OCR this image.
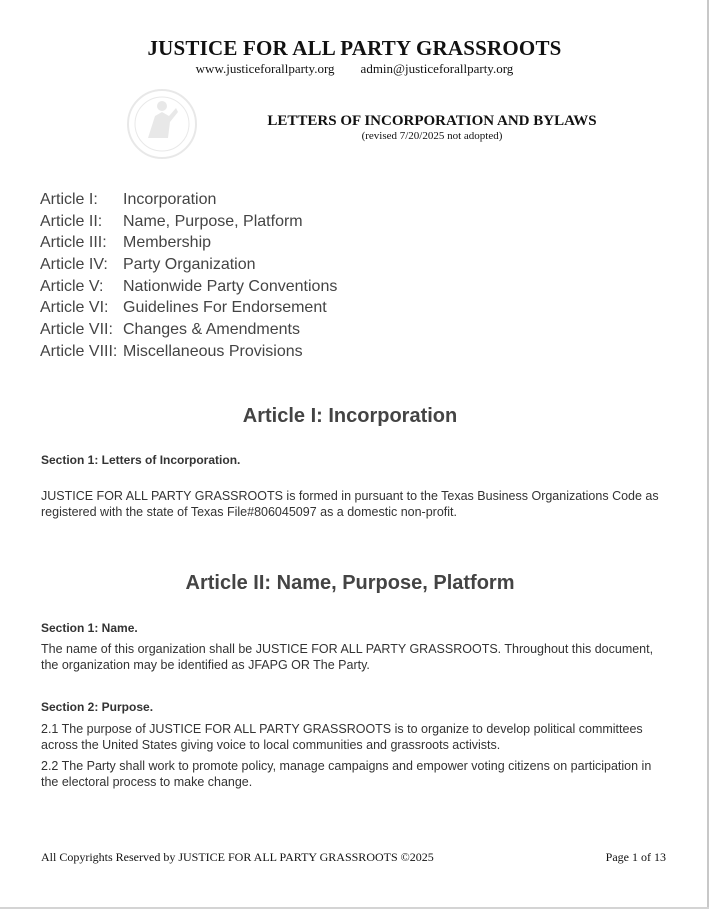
JUSTICE FOR ALL PARTY GRASSROOTS
www.justiceforallparty.org admin@justiceforallparty.org
LETTERS OF INCORPORATION AND BYLAWS
(revised 7/20/2025 not adopted)
Article I: Incorporation
Article II: Name, Purpose, Platform
Article III: Membership
Article IV: Party Organization
Article V: Nationwide Party Conventions
Article VI: Guidelines For Endorsement
Article VII: Changes & Amendments
Article VIII: Miscellaneous Provisions
Article I: Incorporation
Section 1: Letters of Incorporation.
JUSTICE FOR ALL PARTY GRASSROOTS is formed in pursuant to the Texas Business Organizations Code as registered with the state of Texas File#806045097 as a domestic non-profit.
Article II: Name, Purpose, Platform
Section 1: Name.
The name of this organization shall be JUSTICE FOR ALL PARTY GRASSROOTS. Throughout this document, the organization may be identified as JFAPG OR The Party.
Section 2: Purpose.
2.1 The purpose of JUSTICE FOR ALL PARTY GRASSROOTS is to organize to develop political committees across the United States giving voice to local communities and grassroots activists.
2.2 The Party shall work to promote policy, manage campaigns and empower voting citizens on participation in the electoral process to make change.
All Copyrights Reserved by JUSTICE FOR ALL PARTY GRASSROOTS ©2025	Page 1 of 13
